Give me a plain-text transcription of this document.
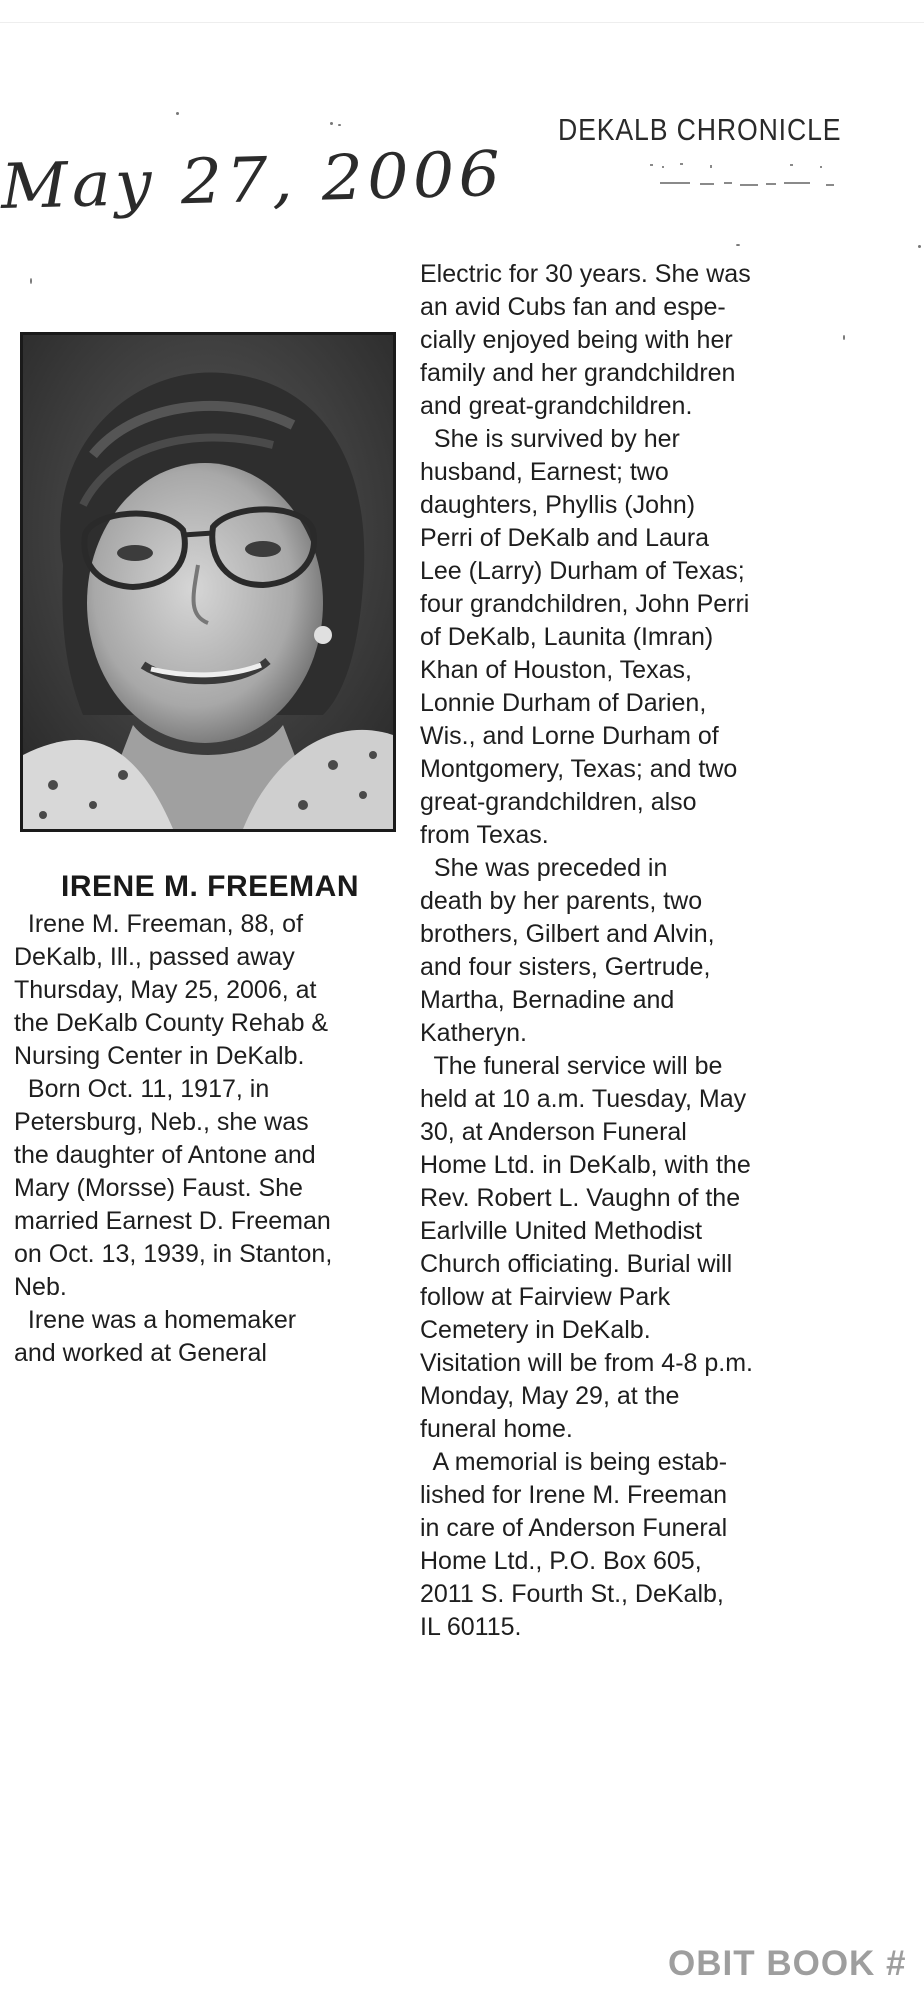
DEKALB CHRONICLE
May 27, 2006
IRENE M. FREEMAN

Irene M. Freeman, 88, of

DeKalb, Ill., passed away

Thursday, May 25, 2006, at

the DeKalb County Rehab &

Nursing Center in DeKalb.

Born Oct. 11, 1917, in

Petersburg, Neb., she was

the daughter of Antone and

Mary (Morsse) Faust. She

married Earnest D. Freeman

on Oct. 13, 1939, in Stanton,

Neb.

Irene was a homemaker

and worked at General

Electric for 30 years. She was

an avid Cubs fan and espe-

cially enjoyed being with her

family and her grandchildren

and great-grandchildren.

She is survived by her

husband, Earnest; two

daughters, Phyllis (John)

Perri of DeKalb and Laura

Lee (Larry) Durham of Texas;

four grandchildren, John Perri

of DeKalb, Launita (Imran)

Khan of Houston, Texas,

Lonnie Durham of Darien,

Wis., and Lorne Durham of

Montgomery, Texas; and two

great-grandchildren, also

from Texas.

She was preceded in

death by her parents, two

brothers, Gilbert and Alvin,

and four sisters, Gertrude,

Martha, Bernadine and

Katheryn.

The funeral service will be

held at 10 a.m. Tuesday, May

30, at Anderson Funeral

Home Ltd. in DeKalb, with the

Rev. Robert L. Vaughn of the

Earlville United Methodist

Church officiating. Burial will

follow at Fairview Park

Cemetery in DeKalb.

Visitation will be from 4-8 p.m.

Monday, May 29, at the

funeral home.

A memorial is being estab-

lished for Irene M. Freeman

in care of Anderson Funeral

Home Ltd., P.O. Box 605,

2011 S. Fourth St., DeKalb,

IL 60115.

OBIT BOOK #
